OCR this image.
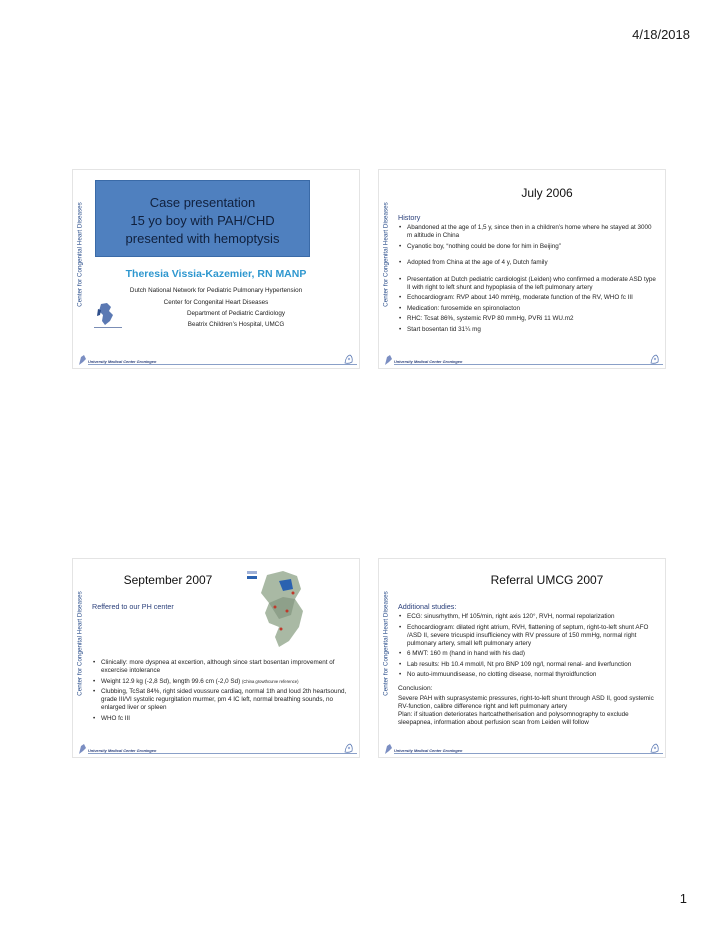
4/18/2018
Center for Congenital Heart Diseases	Case presentation
15 yo boy with PAH/CHD
presented with hemoptysis
Theresia Vissia-Kazemier, RN MANP
Dutch National Network for Pediatric Pulmonary Hypertension
Center for Congenital Heart Diseases
Department of Pediatric Cardiology
Beatrix Children’s Hospital, UMCG
University Medical Center Groningen
Center for Congenital Heart Diseases
July 2006
History
• Abandoned at the age of 1,5 y, since then in a children’s home where he stayed at 3000 m altitude in China
• Cyanotic boy, “nothing could be done for him in Beijing”
• Adopted from China at the age of 4 y, Dutch family
• Presentation at Dutch pediatric cardiologist (Leiden) who confirmed a moderate ASD type II with right to left shunt and hypoplasia of the left pulmonary artery
• Echocardiogram: RVP about 140 mmHg, moderate function of the RV, WHO fc III
• Medication: furosemide en spironolacton
• RHC: Tcsat 86%, systemic RVP 80 mmHg, PVRi 11 WU.m2
• Start bosentan tid 31¼ mg
University Medical Center Groningen
Center for Congenital Heart Diseases
September 2007
Reffered to our PH center
• Clinically: more dyspnea at excertion, although since start bosentan improvement of excercise intolerance
• Weight 12.9 kg (-2,8 Sd), length 99.6 cm (-2,0 Sd) (China growthcurve reference)
• Clubbing, TcSat 84%, right sided voussure cardiaq, normal 1th and loud 2th heartsound, grade III/VI systolic regurgitation murmer, pm 4 IC left, normal breathing sounds, no enlarged liver or spleen
• WHO fc III
University Medical Center Groningen
Center for Congenital Heart Diseases
Referral UMCG 2007
Additional studies:
• ECG: sinusrhythm, Hf 105/min, right axis 120°, RVH, normal repolarization
• Echocardiogram: dilated right atrium, RVH, flattening of septum, right-to-left shunt AFO /ASD II, severe tricuspid insufficiency with RV pressure of 150 mmHg, normal right pulmonary artery, small left pulmonary artery
• 6 MWT: 160 m (hand in hand with his dad)
• Lab results: Hb 10.4 mmol/l, Nt pro BNP 109 ng/l, normal renal- and liverfunction
• No auto-immuundisease, no clotting disease, normal thyroidfunction
Conclusion:
Severe PAH with suprasystemic pressures, right-to-left shunt through ASD II, good systemic RV-function, calibre difference right and left pulmonary artery
Plan: if situation deteriorates hartcathetherisation and polysomnography to exclude sleepapnea, information about perfusion scan from Leiden will follow
University Medical Center Groningen
1
